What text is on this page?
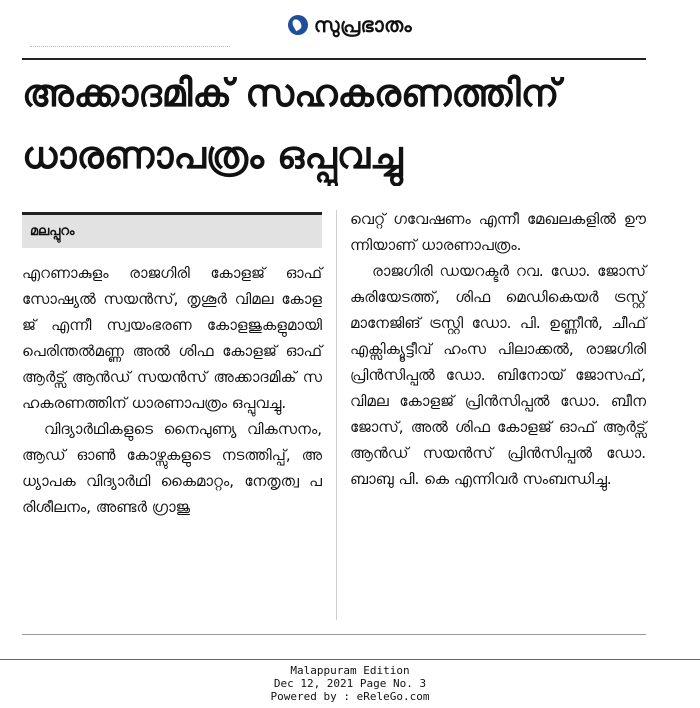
സുപ്രഭാതം
അക്കാദമിക് സഹകരണത്തിന്
ധാരണാപത്രം ഒപ്പുവച്ചു
മലപ്പുറം

എറണാകുളം രാജഗിരി കോളജ് ഓഫ് സോഷ്യല്‍ സയന്‍സ്, തൃശൂര്‍ വിമല കോളജ് എന്നീ സ്വയംഭരണ കോളജുകളുമായി പെരിന്തല്‍മണ്ണ അല്‍ ശിഫ കോളജ് ഓഫ് ആര്‍ട്സ് ആന്‍ഡ് സയന്‍സ് അക്കാദമിക് സഹകരണത്തിന് ധാരണാപത്രം ഒപ്പുവച്ചു.

വിദ്യാര്‍ഥികളുടെ നൈപുണ്യ വികസനം, ആഡ് ഓണ്‍ കോഴ്സുകളുടെ നടത്തിപ്പ്, അധ്യാപക വിദ്യാര്‍ഥി കൈമാറ്റം, നേതൃത്വ പരിശീലനം, അണ്ടര്‍ ഗ്രാജു

വെറ്റ് ഗവേഷണം എന്നീ മേഖലകളില്‍ ഊന്നിയാണ് ധാരണാപത്രം.

രാജഗിരി ഡയറക്ടര്‍ റവ. ഡോ. ജോസ് കുരിയേടത്ത്, ശിഫ മെഡികെയര്‍ ട്രസ്റ്റ് മാനേജിങ് ട്രസ്റ്റി ഡോ. പി. ഉണ്ണീന്‍, ചീഫ് എക്സിക്യൂട്ടീവ് ഹംസ പിലാക്കല്‍, രാജഗിരി പ്രിന്‍സിപ്പല്‍ ഡോ. ബിനോയ് ജോസഫ്, വിമല കോളജ് പ്രിന്‍സിപ്പല്‍ ഡോ. ബീന ജോസ്, അല്‍ ശിഫ കോളജ് ഓഫ് ആര്‍ട്സ് ആന്‍ഡ് സയന്‍സ് പ്രിന്‍സിപ്പല്‍ ഡോ. ബാബു പി. കെ എന്നിവര്‍ സംബന്ധിച്ചു.

Malappuram Edition
Dec 12, 2021 Page No. 3
Powered by : eReleGo.com
